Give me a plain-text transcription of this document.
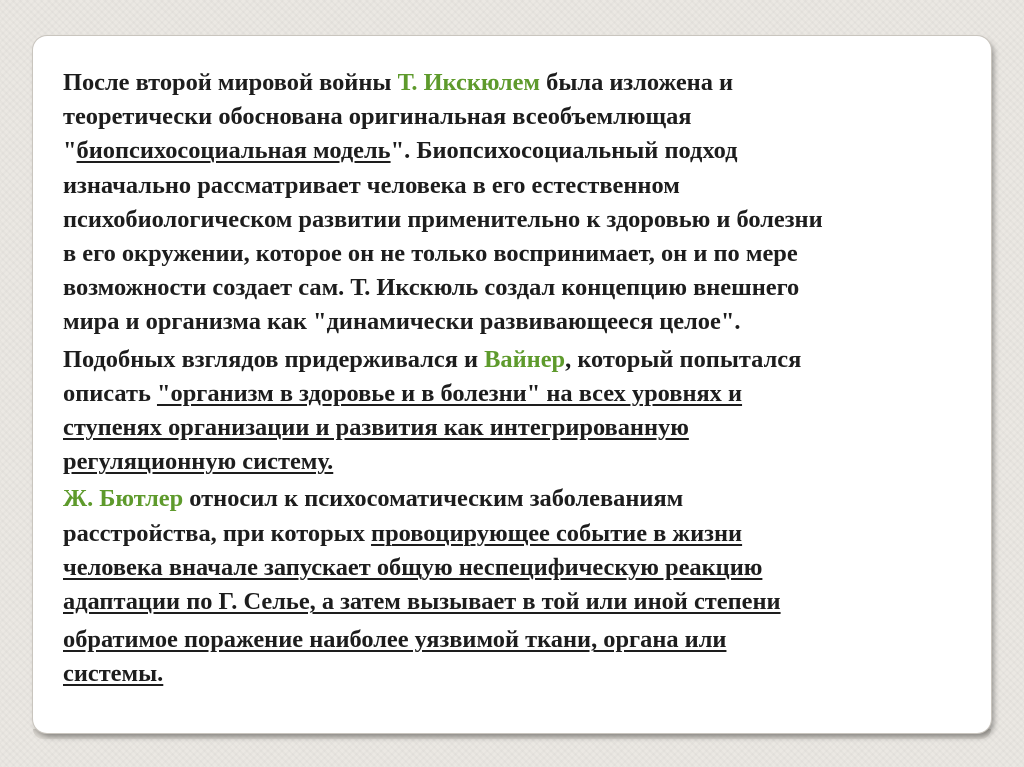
После второй мировой войны Т. Икскюлем была изложена и
теоретически обоснована оригинальная всеобъемлющая
"биопсихосоциальная модель". Биопсихосоциальный подход
изначально рассматривает человека в его естественном
психобиологическом развитии применительно к здоровью и болезни
в его окружении, которое он не только воспринимает, он и по мере
возможности создает сам. Т. Икскюль создал концепцию внешнего
мира и организма как "динамически развивающееся целое".

Подобных взглядов придерживался и Вайнер, который попытался
описать "организм в здоровье и в болезни" на всех уровнях и
ступенях организации и развития как интегрированную
регуляционную систему.

Ж. Бютлер относил к психосоматическим заболеваниям
расстройства, при которых провоцирующее событие в жизни
человека вначале запускает общую неспецифическую реакцию
адаптации по Г. Селье, а затем вызывает в той или иной степени
обратимое поражение наиболее уязвимой ткани, органа или
системы.
